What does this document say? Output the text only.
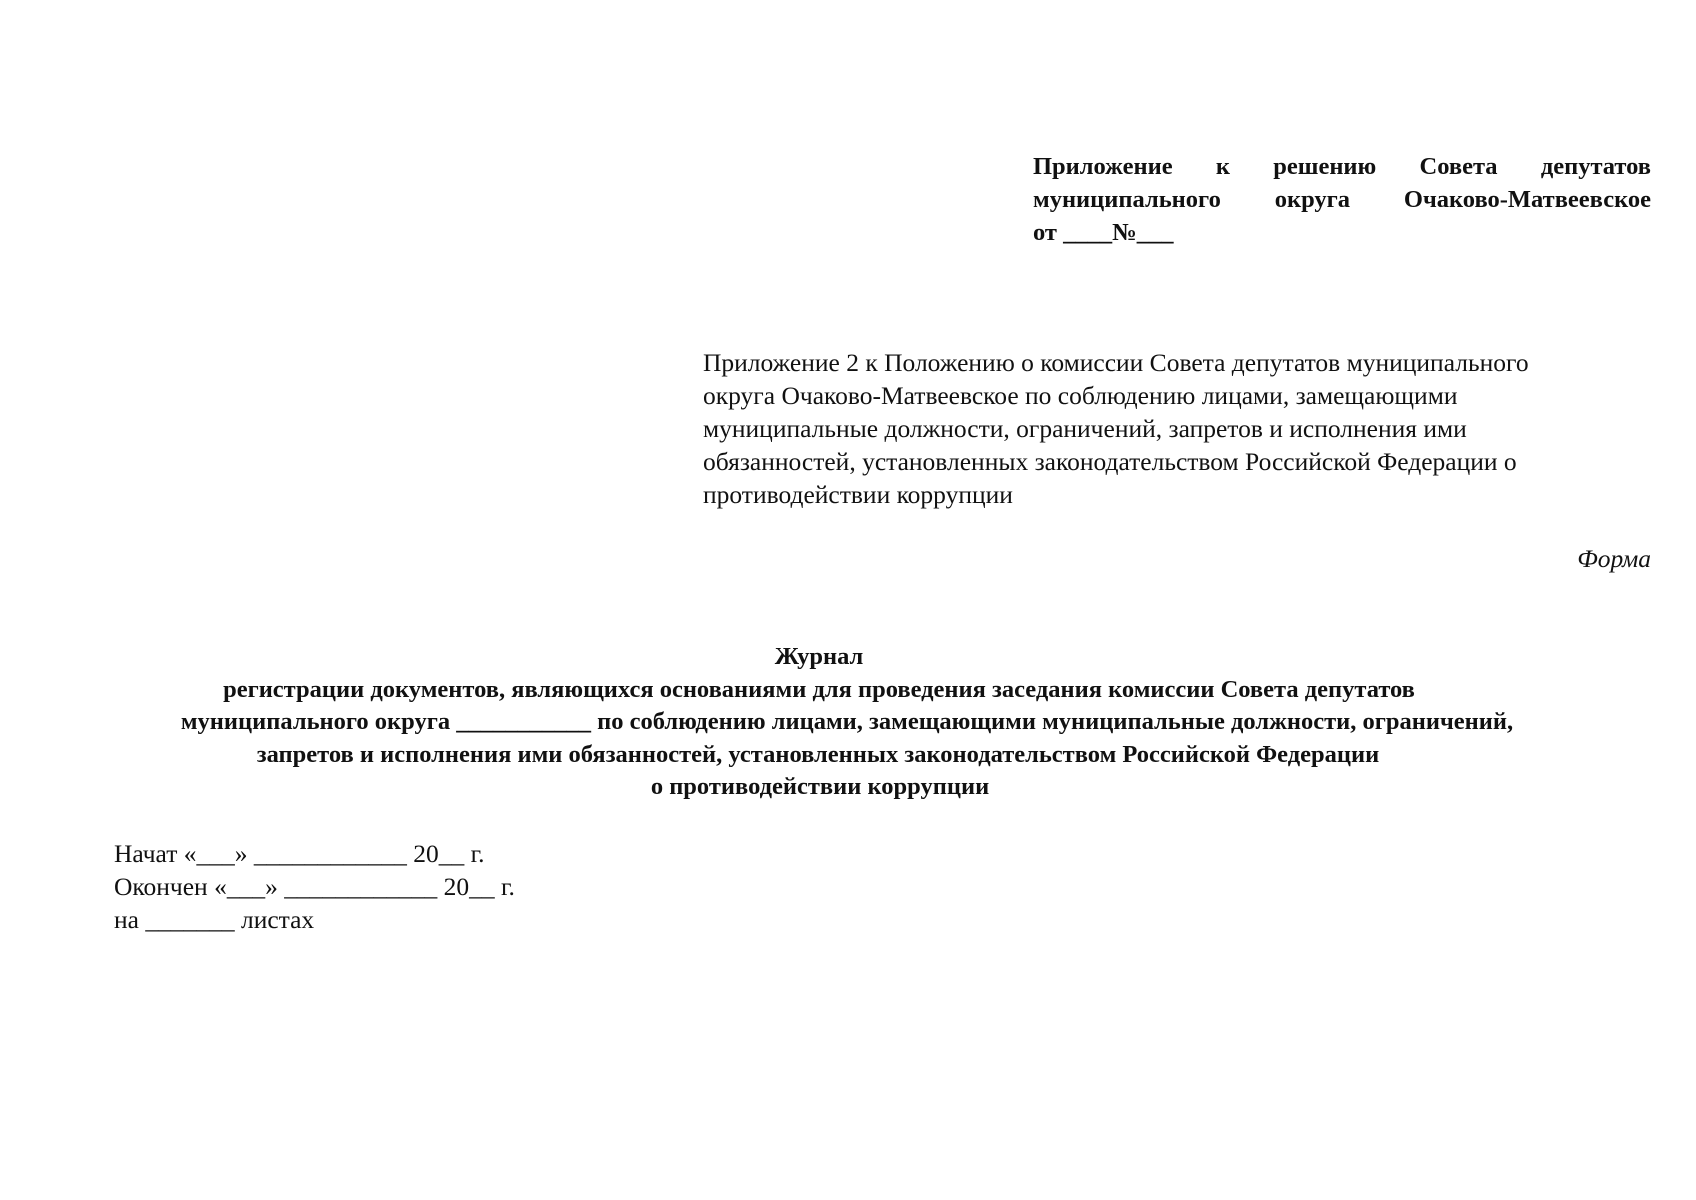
Приложение к решению Совета депутатов
муниципального округа Очаково-Матвеевское
от ____№___
Приложение 2 к Положению о комиссии Совета депутатов муниципального
округа Очаково-Матвеевское по соблюдению лицами, замещающими
муниципальные должности, ограничений, запретов и исполнения ими
обязанностей, установленных законодательством Российской Федерации о
противодействии коррупции
Форма
Журнал
регистрации документов, являющихся основаниями для проведения заседания комиссии Совета депутатов
муниципального округа ___________ по соблюдению лицами, замещающими муниципальные должности, ограничений,
запретов и исполнения ими обязанностей, установленных законодательством Российской Федерации
о противодействии коррупции
Начат «___» ____________ 20__ г.
Окончен «___» ____________ 20__ г.
на _______ листах
